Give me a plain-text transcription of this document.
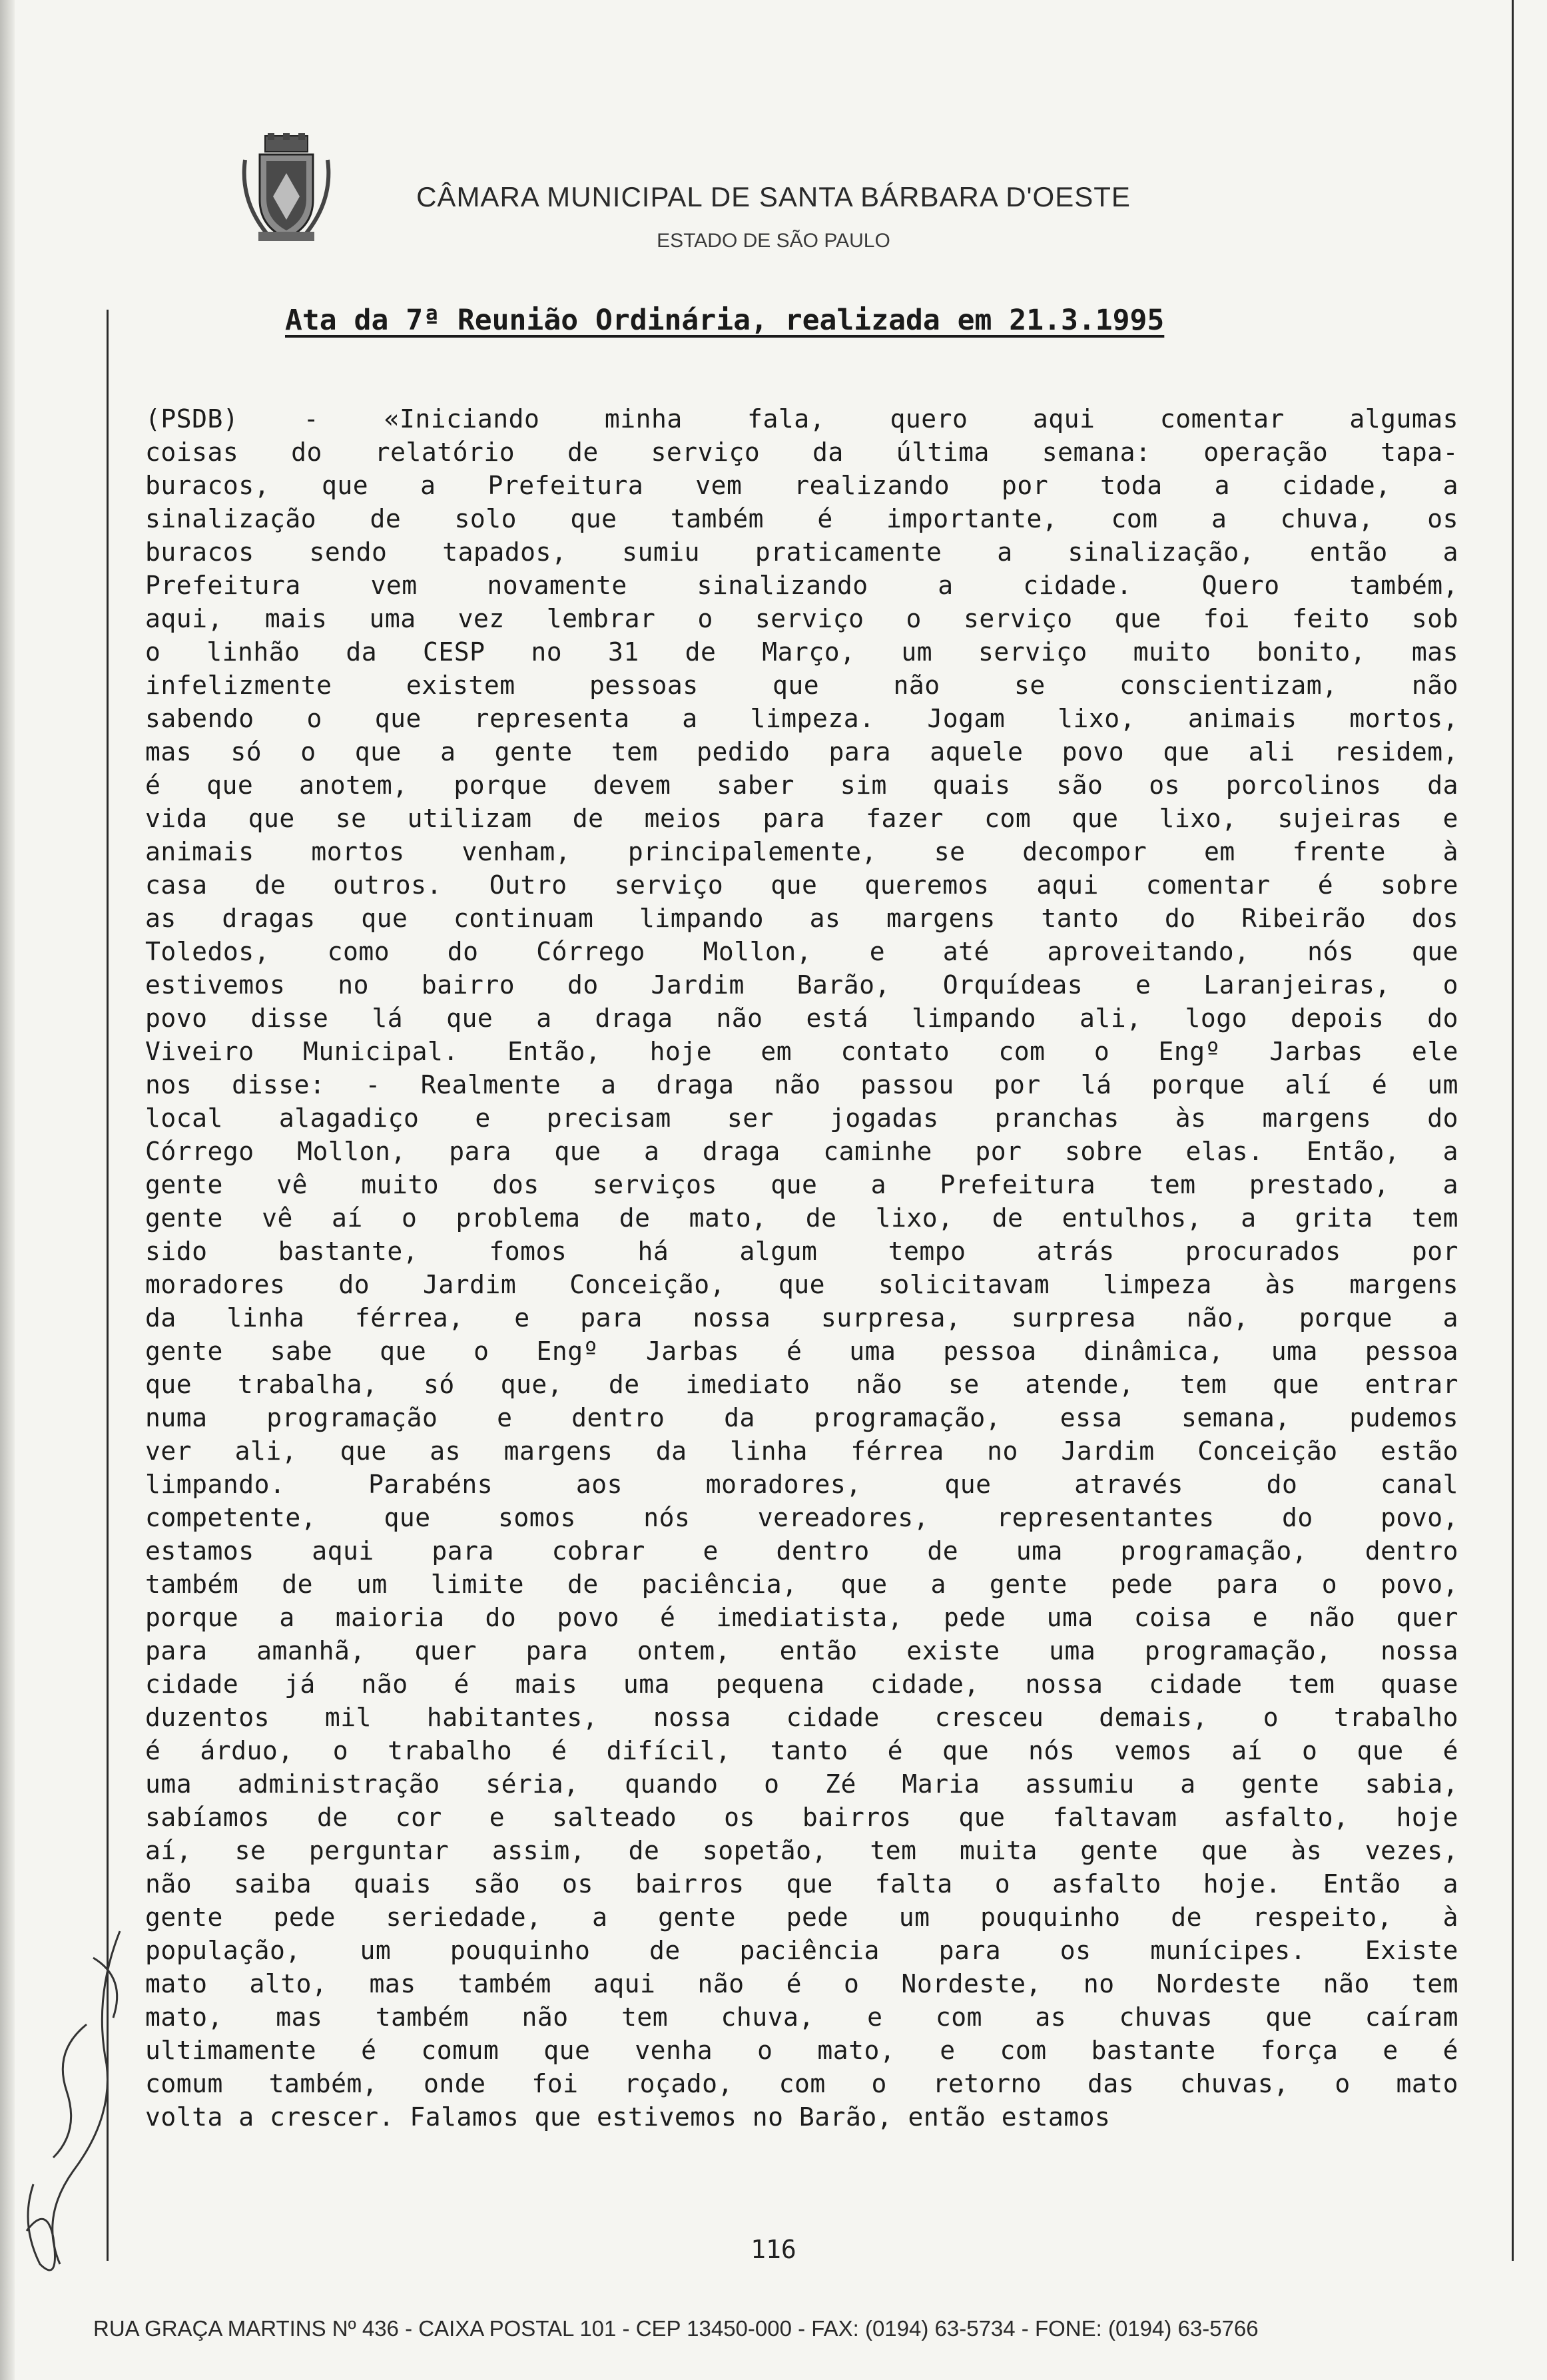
CÂMARA MUNICIPAL DE SANTA BÁRBARA D'OESTE
ESTADO DE SÃO PAULO
Ata da 7ª Reunião Ordinária, realizada em 21.3.1995
(PSDB) - «Iniciando minha fala, quero aqui comentar algumas
coisas do relatório de serviço da última semana: operação tapa-
buracos, que a Prefeitura vem realizando por toda a cidade, a
sinalização de solo que também é importante, com a chuva, os
buracos sendo tapados, sumiu praticamente a sinalização, então a
Prefeitura vem novamente sinalizando a cidade. Quero também,
aqui, mais uma vez lembrar o serviço o serviço que foi feito sob
o linhão da CESP no 31 de Março, um serviço muito bonito, mas
infelizmente existem pessoas que não se conscientizam, não
sabendo o que representa a limpeza. Jogam lixo, animais mortos,
mas só o que a gente tem pedido para aquele povo que ali residem,
é que anotem, porque devem saber sim quais são os porcolinos da
vida que se utilizam de meios para fazer com que lixo, sujeiras e
animais mortos venham, principalemente, se decompor em frente à
casa de outros. Outro serviço que queremos aqui comentar é sobre
as dragas que continuam limpando as margens tanto do Ribeirão dos
Toledos, como do Córrego Mollon, e até aproveitando, nós que
estivemos no bairro do Jardim Barão, Orquídeas e Laranjeiras, o
povo disse lá que a draga não está limpando ali, logo depois do
Viveiro Municipal. Então, hoje em contato com o Engº Jarbas ele
nos disse: - Realmente a draga não passou por lá porque alí é um
local alagadiço e precisam ser jogadas pranchas às margens do
Córrego Mollon, para que a draga caminhe por sobre elas. Então, a
gente vê muito dos serviços que a Prefeitura tem prestado, a
gente vê aí o problema de mato, de lixo, de entulhos, a grita tem
sido bastante, fomos há algum tempo atrás procurados por
moradores do Jardim Conceição, que solicitavam limpeza às margens
da linha férrea, e para nossa surpresa, surpresa não, porque a
gente sabe que o Engº Jarbas é uma pessoa dinâmica, uma pessoa
que trabalha, só que, de imediato não se atende, tem que entrar
numa programação e dentro da programação, essa semana, pudemos
ver ali, que as margens da linha férrea no Jardim Conceição estão
limpando. Parabéns aos moradores, que através do canal
competente, que somos nós vereadores, representantes do povo,
estamos aqui para cobrar e dentro de uma programação, dentro
também de um limite de paciência, que a gente pede para o povo,
porque a maioria do povo é imediatista, pede uma coisa e não quer
para amanhã, quer para ontem, então existe uma programação, nossa
cidade já não é mais uma pequena cidade, nossa cidade tem quase
duzentos mil habitantes, nossa cidade cresceu demais, o trabalho
é árduo, o trabalho é difícil, tanto é que nós vemos aí o que é
uma administração séria, quando o Zé Maria assumiu a gente sabia,
sabíamos de cor e salteado os bairros que faltavam asfalto, hoje
aí, se perguntar assim, de sopetão, tem muita gente que às vezes,
não saiba quais são os bairros que falta o asfalto hoje. Então a
gente pede seriedade, a gente pede um pouquinho de respeito, à
população, um pouquinho de paciência para os munícipes. Existe
mato alto, mas também aqui não é o Nordeste, no Nordeste não tem
mato, mas também não tem chuva, e com as chuvas que caíram
ultimamente é comum que venha o mato, e com bastante força e é
comum também, onde foi roçado, com o retorno das chuvas, o mato
volta a crescer. Falamos que estivemos no Barão, então estamos
116
RUA GRAÇA MARTINS Nº 436 - CAIXA POSTAL 101 - CEP 13450-000 - FAX: (0194) 63-5734 - FONE: (0194) 63-5766
